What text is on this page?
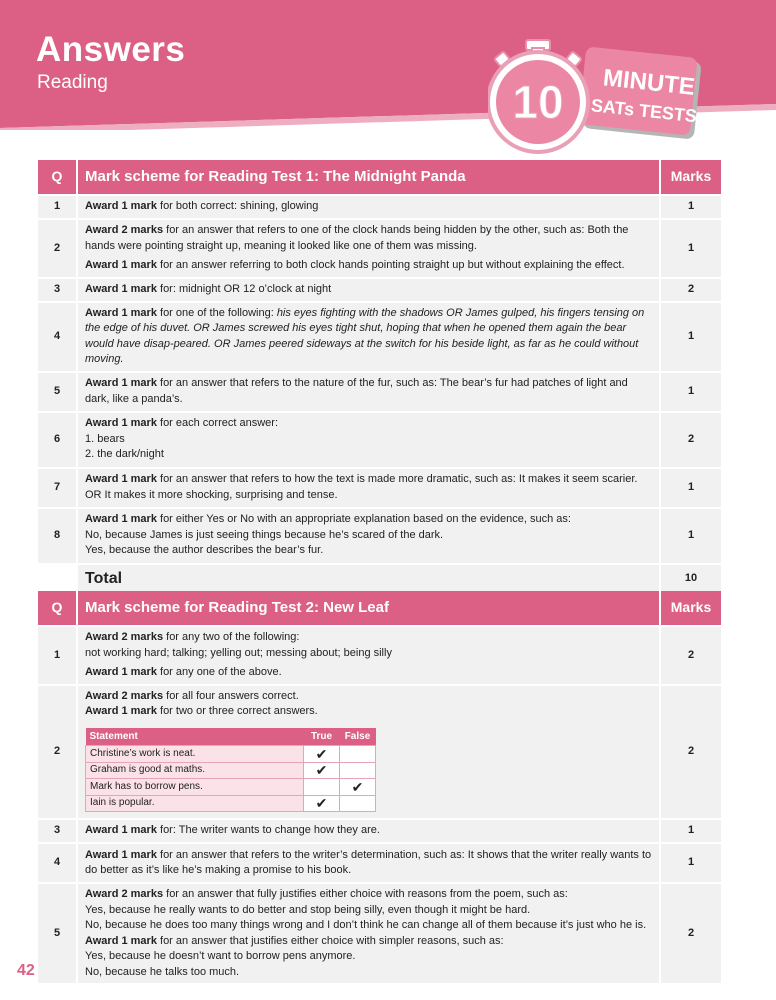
Answers
Reading	10 MINUTE
SATs TESTS
Q	Mark scheme for Reading Test 1: The Midnight Panda	Marks
1	Award 1 mark for both correct: shining, glowing	1
2	Award 2 marks for an answer that refers to one of the clock hands being hidden by the other, such as: Both the hands were pointing straight up, meaning it looked like one of them was missing.

Award 1 mark for an answer referring to both clock hands pointing straight up but without explaining the effect.	1
3	Award 1 mark for: midnight OR 12 o’clock at night	2
4	Award 1 mark for one of the following: his eyes fighting with the shadows OR James gulped, his fingers tensing on the edge of his duvet. OR James screwed his eyes tight shut, hoping that when he opened them again the bear would have disap-peared. OR James peered sideways at the switch for his beside light, as far as he could without moving.	1
5	Award 1 mark for an answer that refers to the nature of the fur, such as: The bear’s fur had patches of light and dark, like a panda’s.	1
6	Award 1 mark for each correct answer:
1. bears
2. the dark/night	2
7	Award 1 mark for an answer that refers to how the text is made more dramatic, such as: It makes it seem scarier. OR It makes it more shocking, surprising and tense.	1
8	Award 1 mark for either Yes or No with an appropriate explanation based on the evidence, such as:
No, because James is just seeing things because he’s scared of the dark.
Yes, because the author describes the bear’s fur.	1
	Total	10
Q	Mark scheme for Reading Test 2: New Leaf	Marks
1	
Award 2 marks for any two of the following:
not working hard; talking; yelling out; messing about; being silly
Award 1 mark for any one of the above.
	2
2	
Award 2 marks for all four answers correct.
Award 1 mark for two or three correct answers.
Statement	True	False
Christine’s work is neat.	✔	
Graham is good at maths.	✔	
Mark has to borrow pens.		✔
Iain is popular.	✔	
	2
3	Award 1 mark for: The writer wants to change how they are.	1
4	Award 1 mark for an answer that refers to the writer’s determination, such as: It shows that the writer really wants to do better as it’s like he’s making a promise to his book.	1
5	
Award 2 marks for an answer that fully justifies either choice with reasons from the poem, such as:
Yes, because he really wants to do better and stop being silly, even though it might be hard.
No, because he does too many things wrong and I don’t think he can change all of them because it’s just who he is.
Award 1 mark for an answer that justifies either choice with simpler reasons, such as:
Yes, because he doesn’t want to borrow pens anymore.
No, because he talks too much.
	2
42
